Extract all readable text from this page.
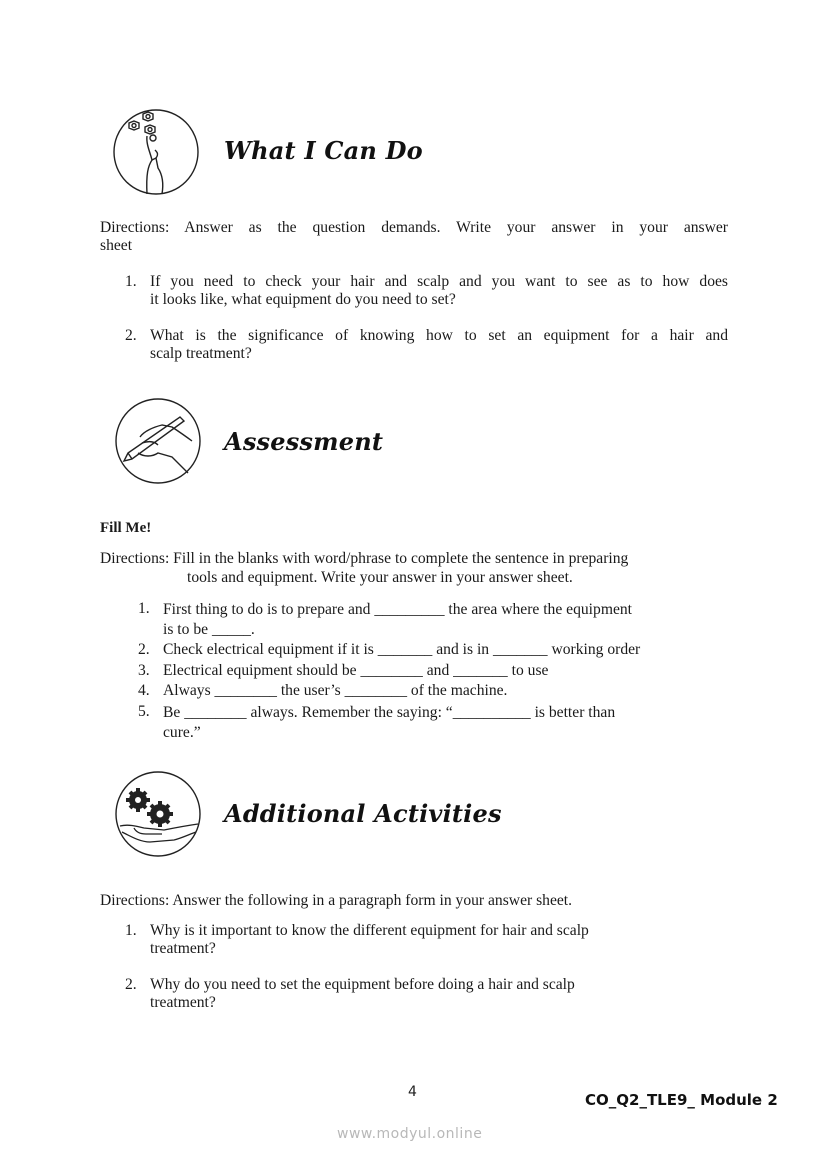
What I Can Do
Directions: Answer as the question demands. Write your answer in your answer
sheet
1. If you need to check your hair and scalp and you want to see as to how does
it looks like, what equipment do you need to set?
2. What is the significance of knowing how to set an equipment for a hair and
scalp treatment?
Assessment
Fill Me!
Directions: Fill in the blanks with word/phrase to complete the sentence in preparing
tools and equipment. Write your answer in your answer sheet.
1. First thing to do is to prepare and _________ the area where the equipment
is to be _____.
2. Check electrical equipment if it is _______ and is in _______ working order
3. Electrical equipment should be ________ and _______ to use
4. Always ________ the user’s ________ of the machine.
5. Be ________ always. Remember the saying: “__________ is better than
cure.”
Additional Activities
Directions: Answer the following in a paragraph form in your answer sheet.
1. Why is it important to know the different equipment for hair and scalp
treatment?
2. Why do you need to set the equipment before doing a hair and scalp
treatment?
4	CO_Q2_TLE9_ Module 2
www.modyul.online
